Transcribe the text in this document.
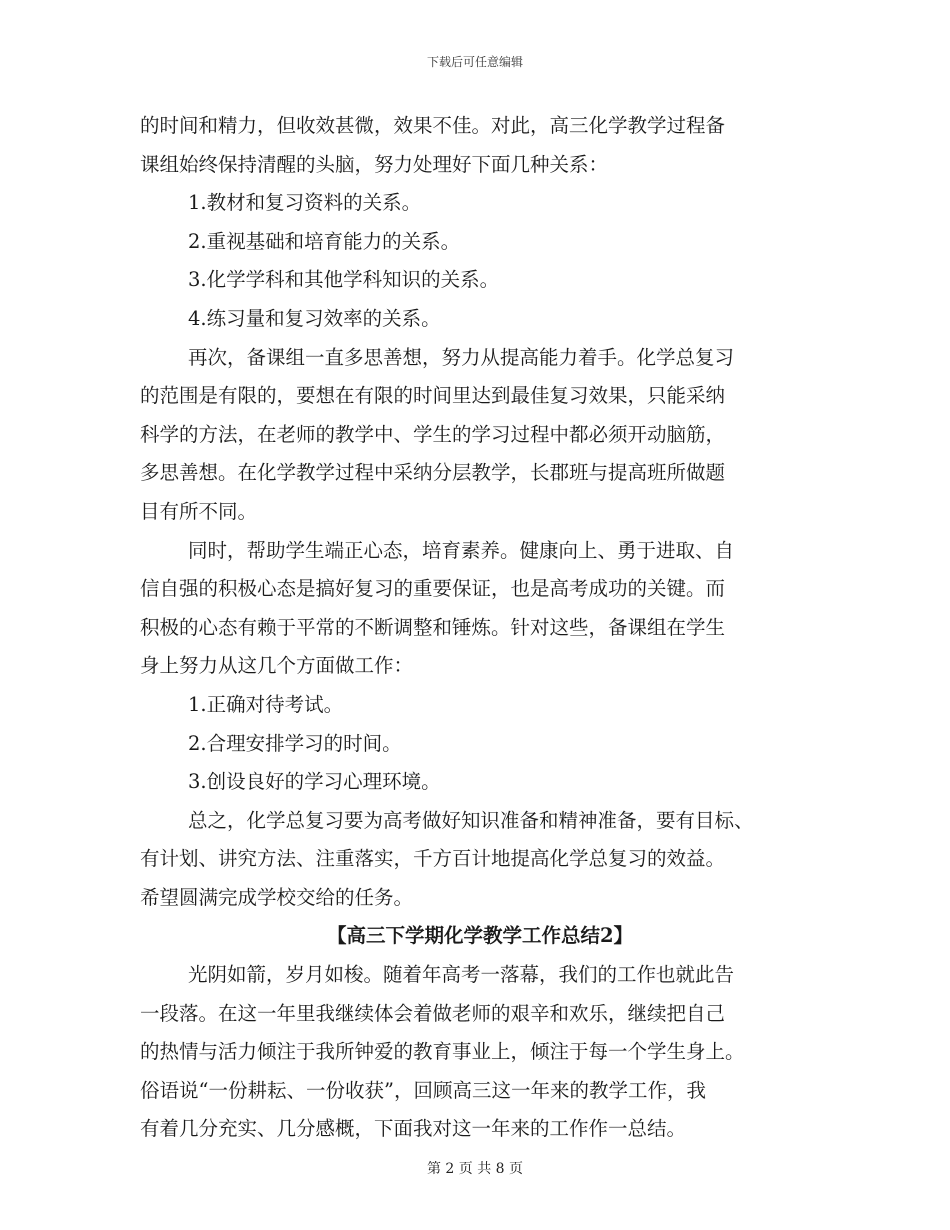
下载后可任意编辑
的时间和精力，但收效甚微，效果不佳。对此，高三化学教学过程备
课组始终保持清醒的头脑，努力处理好下面几种关系：
1.教材和复习资料的关系。
2.重视基础和培育能力的关系。
3.化学学科和其他学科知识的关系。
4.练习量和复习效率的关系。
再次，备课组一直多思善想，努力从提高能力着手。化学总复习
的范围是有限的，要想在有限的时间里达到最佳复习效果，只能采纳
科学的方法，在老师的教学中、学生的学习过程中都必须开动脑筋，
多思善想。在化学教学过程中采纳分层教学，长郡班与提高班所做题
目有所不同。
同时，帮助学生端正心态，培育素养。健康向上、勇于进取、自
信自强的积极心态是搞好复习的重要保证，也是高考成功的关键。而
积极的心态有赖于平常的不断调整和锤炼。针对这些，备课组在学生
身上努力从这几个方面做工作：
1.正确对待考试。
2.合理安排学习的时间。
3.创设良好的学习心理环境。
总之，化学总复习要为高考做好知识准备和精神准备，要有目标、
有计划、讲究方法、注重落实，千方百计地提高化学总复习的效益。
希望圆满完成学校交给的任务。
【高三下学期化学教学工作总结2】
光阴如箭，岁月如梭。随着年高考一落幕，我们的工作也就此告
一段落。在这一年里我继续体会着做老师的艰辛和欢乐，继续把自己
的热情与活力倾注于我所钟爱的教育事业上，倾注于每一个学生身上。
俗语说“一份耕耘、一份收获”，回顾高三这一年来的教学工作，我
有着几分充实、几分感概，下面我对这一年来的工作作一总结。
第 2 页 共 8 页
